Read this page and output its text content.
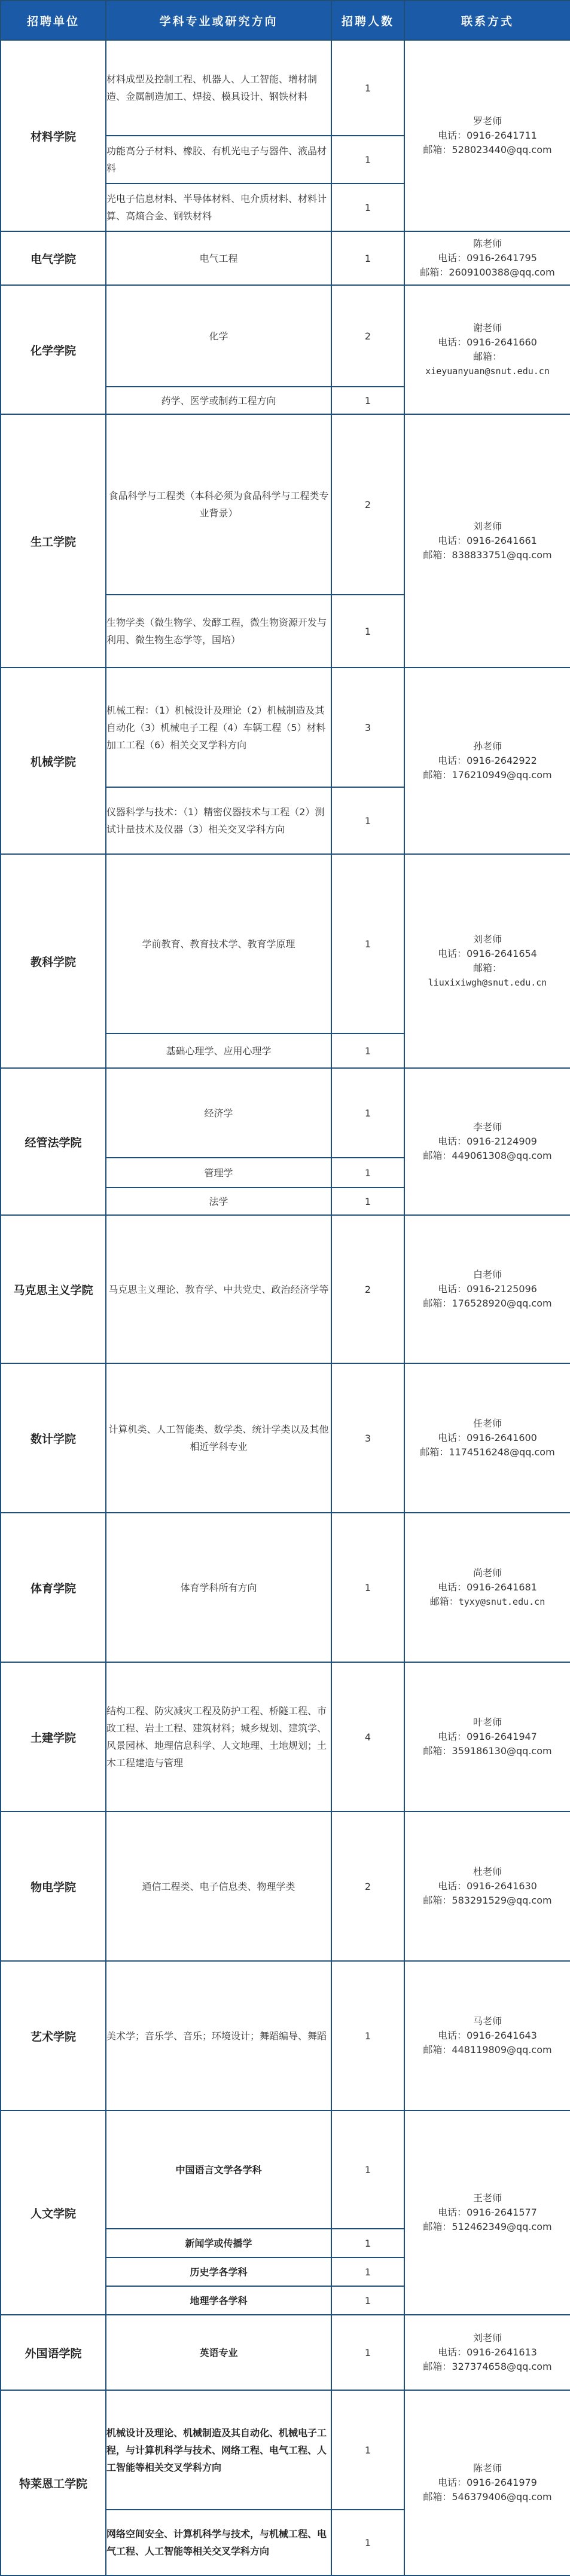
招聘单位	学科专业或研究方向	招聘人数	联系方式
材料学院	材料成型及控制工程、机器人、人工智能、增材制造、金属制造加工、焊接、模具设计、钢铁材料	1	罗老师
电话：0916-2641711
邮箱：528023440@qq.com

	功能高分子材料、橡胶、有机光电子与器件、液晶材料	1	
	光电子信息材料、半导体材料、电介质材料、材料计算、高熵合金、钢铁材料	1	
电气学院	电气工程	1	陈老师
电话：0916-2641795
邮箱：2609100388@qq.com

化学学院	化学	2	谢老师
电话：0916-2641660
邮箱：
xieyuanyuan@snut.edu.cn

	药学、医学或制药工程方向	1	
生工学院	食品科学与工程类（本科必须为食品科学与工程类专业背景）	2	刘老师
电话：0916-2641661
邮箱：838833751@qq.com

	生物学类（微生物学、发酵工程，微生物资源开发与利用、微生物生态学等，国培）	1	
机械学院	机械工程：（1）机械设计及理论（2）机械制造及其自动化（3）机械电子工程（4）车辆工程（5）材料加工工程（6）相关交叉学科方向	3	孙老师
电话：0916-2642922
邮箱：176210949@qq.com

	仪器科学与技术：（1）精密仪器技术与工程（2）测试计量技术及仪器（3）相关交叉学科方向	1	
教科学院	学前教育、教育技术学、教育学原理	1	刘老师
电话：0916-2641654
邮箱：
liuxixiwgh@snut.edu.cn

	基础心理学、应用心理学	1	
经管法学院	经济学	1	李老师
电话：0916-2124909
邮箱：449061308@qq.com

	管理学	1	
	法学	1	
马克思主义学院	马克思主义理论、教育学、中共党史、政治经济学等	2	白老师
电话：0916-2125096
邮箱：176528920@qq.com

数计学院	计算机类、人工智能类、数学类、统计学类以及其他相近学科专业	3	任老师
电话：0916-2641600
邮箱：1174516248@qq.com

体育学院	体育学科所有方向	1	尚老师
电话：0916-2641681
邮箱：tyxy@snut.edu.cn

土建学院	结构工程、防灾减灾工程及防护工程、桥隧工程、市政工程、岩土工程、建筑材料；城乡规划、建筑学、风景园林、地理信息科学、人文地理、土地规划；土木工程建造与管理	4	叶老师
电话：0916-2641947
邮箱：359186130@qq.com

物电学院	通信工程类、电子信息类、物理学类	2	杜老师
电话：0916-2641630
邮箱：583291529@qq.com

艺术学院	美术学；音乐学、音乐；环境设计；舞蹈编导、舞蹈	1	马老师
电话：0916-2641643
邮箱：448119809@qq.com

人文学院	中国语言文学各学科	1	王老师
电话：0916-2641577
邮箱：512462349@qq.com

	新闻学或传播学	1	
	历史学各学科	1	
	地理学各学科	1	
外国语学院	英语专业	1	刘老师
电话：0916-2641613
邮箱：327374658@qq.com

特莱恩工学院	机械设计及理论、机械制造及其自动化、机械电子工程，与计算机科学与技术、网络工程、电气工程、人工智能等相关交叉学科方向	1	陈老师
电话：0916-2641979
邮箱：546379406@qq.com

	网络空间安全、计算机科学与技术，与机械工程、电气工程、人工智能等相关交叉学科方向	1	
